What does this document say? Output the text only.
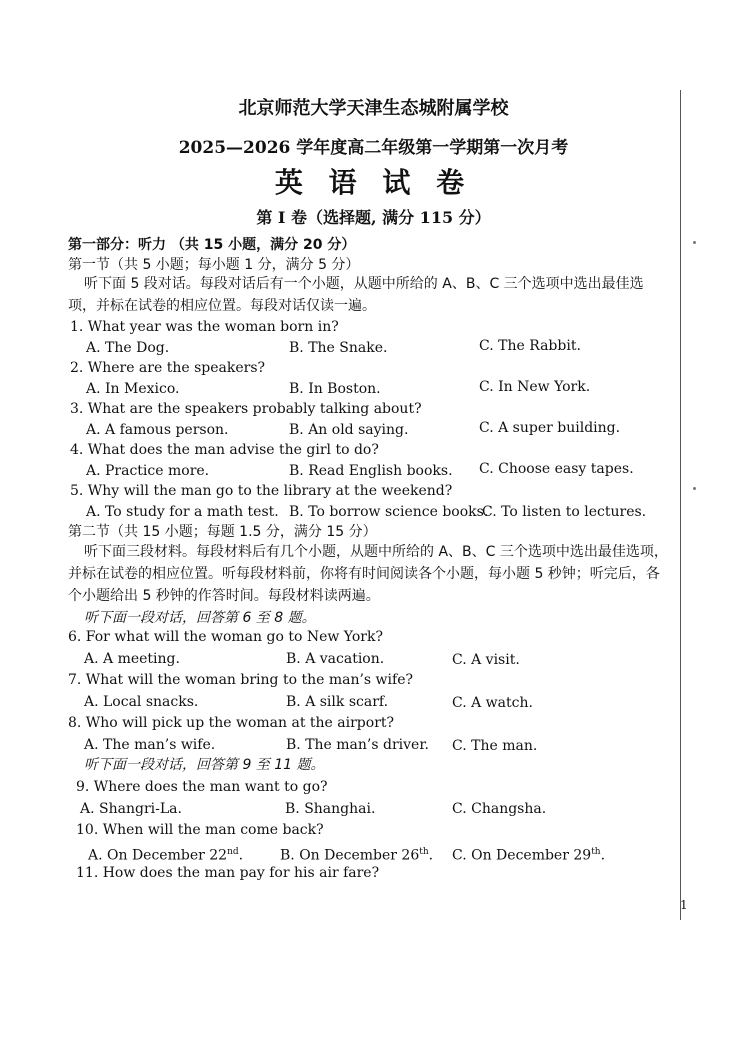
北京师范大学天津生态城附属学校
2025—2026 学年度高二年级第一学期第一次月考
英 语 试 卷
第 I 卷（选择题, 满分 115 分）
第一部分：听力 （共 15 小题，满分 20 分）
第一节（共 5 小题；每小题 1 分，满分 5 分）
听下面 5 段对话。每段对话后有一个小题，从题中所给的 A、B、C 三个选项中选出最佳选项，并标在试卷的相应位置。每段对话仅读一遍。
1. What year was the woman born in?
A. The Dog.	B. The Snake.	C. The Rabbit.
2. Where are the speakers?
A. In Mexico.	B. In Boston.	C. In New York.
3. What are the speakers probably talking about?
A. A famous person.	B. An old saying.	C. A super building.
4. What does the man advise the girl to do?
A. Practice more.	B. Read English books. C. Choose easy tapes.
5. Why will the man go to the library at the weekend?
A. To study for a math test. B. To borrow science books.
C. To listen to lectures.
第二节（共 15 小题；每题 1.5 分，满分 15 分）
听下面三段材料。每段材料后有几个小题，从题中所给的 A、B、C 三个选项中选出最佳选项，并标在试卷的相应位置。听每段材料前，你将有时间阅读各个小题，每小题 5 秒钟；听完后，各个小题给出 5 秒钟的作答时间。每段材料读两遍。
听下面一段对话，回答第 6 至 8 题。
6. For what will the woman go to New York?
A. A meeting.	B. A vacation.	C. A visit.
7. What will the woman bring to the man’s wife?
A. Local snacks.	B. A silk scarf.	C. A watch.
8. Who will pick up the woman at the airport?
A. The man’s wife.	B. The man’s driver. C. The man.
听下面一段对话，回答第 9 至 11 题。
9. Where does the man want to go?
A. Shangri-La.	B. Shanghai.	C. Changsha.
10. When will the man come back?
A. On December 22nd.	B. On December 26th. C. On December 29th.
11. How does the man pay for his air fare?
1
